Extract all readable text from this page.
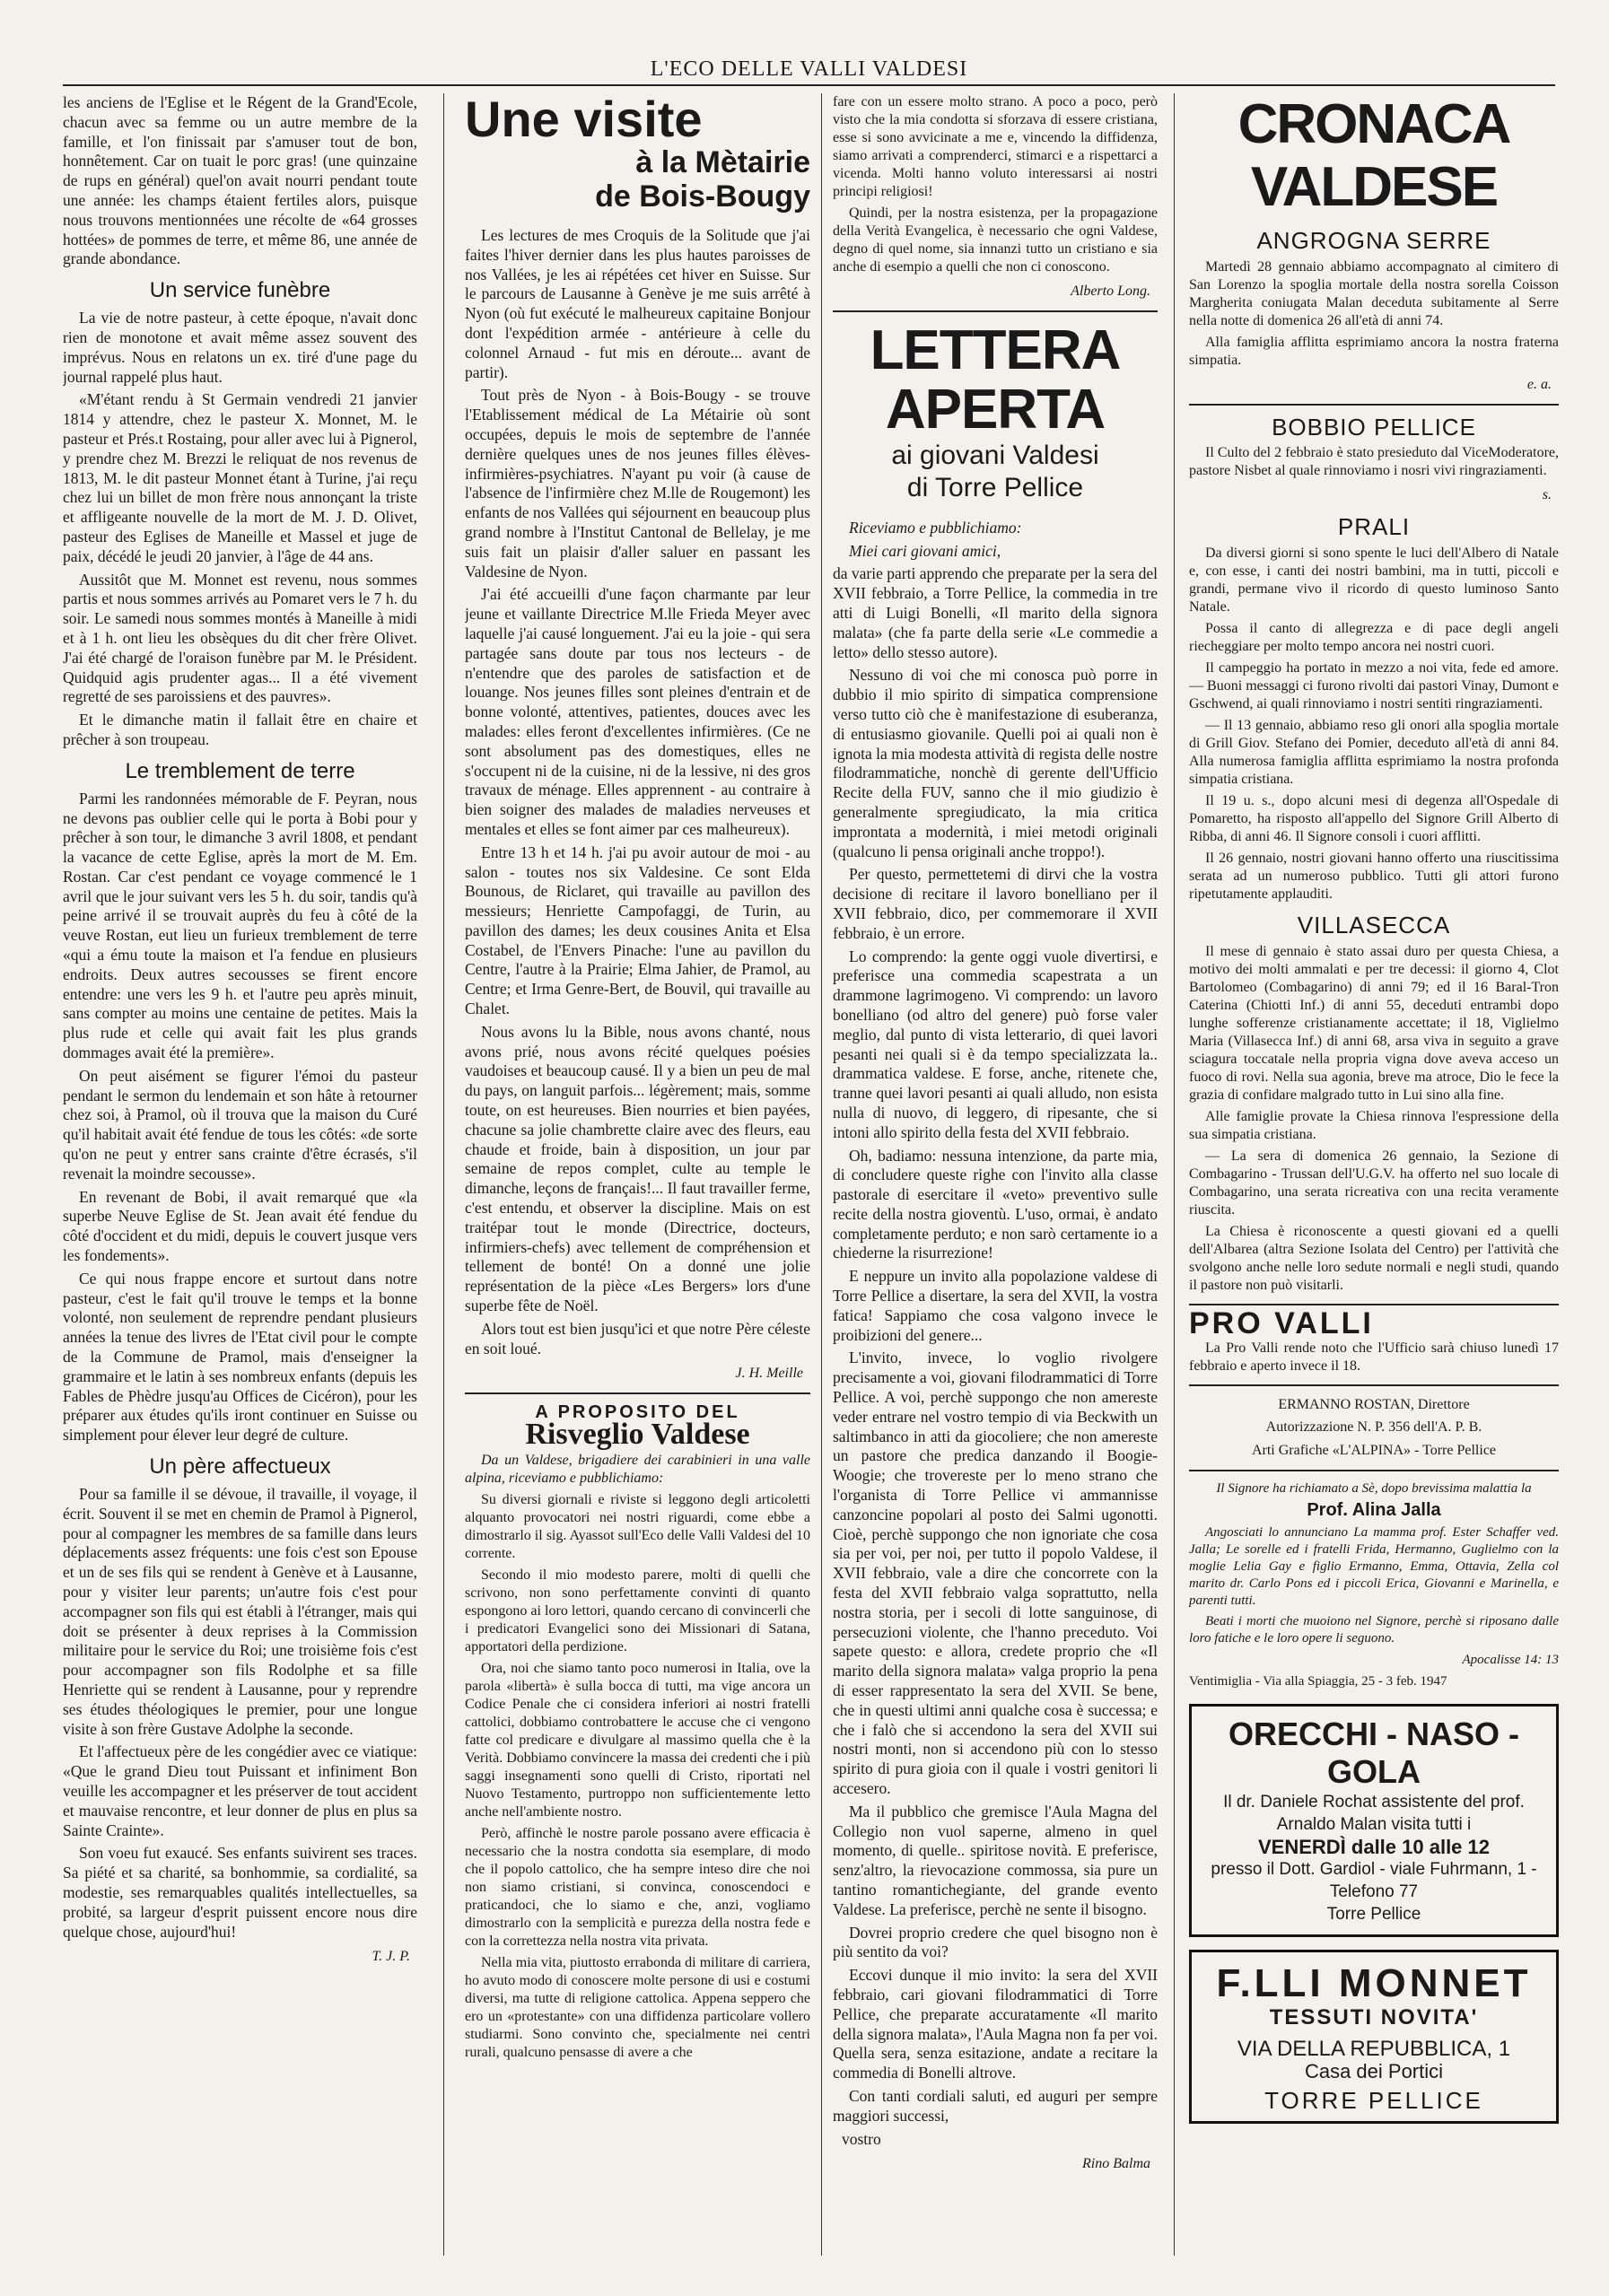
L'ECO DELLE VALLI VALDESI

les anciens de l'Eglise et le Régent de la Grand'Ecole, chacun avec sa femme ou un autre membre de la famille, et l'on finissait par s'amuser tout de bon, honnêtement. Car on tuait le porc gras! (une quinzaine de rups en général) quel'on avait nourri pendant toute une année: les champs étaient fertiles alors, puisque nous trouvons mentionnées une récolte de «64 grosses hottées» de pommes de terre, et même 86, une année de grande abondance.

Un service funèbre

La vie de notre pasteur, à cette époque, n'avait donc rien de monotone et avait même assez souvent des imprévus. Nous en relatons un ex. tiré d'une page du journal rappelé plus haut.

«M'étant rendu à St Germain vendredi 21 janvier 1814 y attendre, chez le pasteur X. Monnet, M. le pasteur et Prés.t Rostaing, pour aller avec lui à Pignerol, y prendre chez M. Brezzi le reliquat de nos revenus de 1813, M. le dit pasteur Monnet étant à Turine, j'ai reçu chez lui un billet de mon frère nous annonçant la triste et affligeante nouvelle de la mort de M. J. D. Olivet, pasteur des Eglises de Maneille et Massel et juge de paix, décédé le jeudi 20 janvier, à l'âge de 44 ans.

Aussitôt que M. Monnet est revenu, nous sommes partis et nous sommes arrivés au Pomaret vers le 7 h. du soir. Le samedi nous sommes montés à Maneille à midi et à 1 h. ont lieu les obsèques du dit cher frère Olivet. J'ai été chargé de l'oraison funèbre par M. le Président. Quidquid agis prudenter agas... Il a été vivement regretté de ses paroissiens et des pauvres».

Et le dimanche matin il fallait être en chaire et prêcher à son troupeau.

Le tremblement de terre

Parmi les randonnées mémorable de F. Peyran, nous ne devons pas oublier celle qui le porta à Bobi pour y prêcher à son tour, le dimanche 3 avril 1808, et pendant la vacance de cette Eglise, après la mort de M. Em. Rostan. Car c'est pendant ce voyage commencé le 1 avril que le jour suivant vers les 5 h. du soir, tandis qu'à peine arrivé il se trouvait auprès du feu à côté de la veuve Rostan, eut lieu un furieux tremblement de terre «qui a ému toute la maison et l'a fendue en plusieurs endroits. Deux autres secousses se firent encore entendre: une vers les 9 h. et l'autre peu après minuit, sans compter au moins une centaine de petites. Mais la plus rude et celle qui avait fait les plus grands dommages avait été la première».

On peut aisément se figurer l'émoi du pasteur pendant le sermon du lendemain et son hâte à retourner chez soi, à Pramol, où il trouva que la maison du Curé qu'il habitait avait été fendue de tous les côtés: «de sorte qu'on ne peut y entrer sans crainte d'être écrasés, s'il revenait la moindre secousse».

En revenant de Bobi, il avait remarqué que «la superbe Neuve Eglise de St. Jean avait été fendue du côté d'occident et du midi, depuis le couvert jusque vers les fondements».

Ce qui nous frappe encore et surtout dans notre pasteur, c'est le fait qu'il trouve le temps et la bonne volonté, non seulement de reprendre pendant plusieurs années la tenue des livres de l'Etat civil pour le compte de la Commune de Pramol, mais d'enseigner la grammaire et le latin à ses nombreux enfants (depuis les Fables de Phèdre jusqu'au Offices de Cicéron), pour les préparer aux études qu'ils iront continuer en Suisse ou simplement pour élever leur degré de culture.

Un père affectueux

Pour sa famille il se dévoue, il travaille, il voyage, il écrit. Souvent il se met en chemin de Pramol à Pignerol, pour al compagner les membres de sa famille dans leurs déplacements assez fréquents: une fois c'est son Epouse et un de ses fils qui se rendent à Genève et à Lausanne, pour y visiter leur parents; un'autre fois c'est pour accompagner son fils qui est établi à l'étranger, mais qui doit se présenter à deux reprises à la Commission militaire pour le service du Roi; une troisième fois c'est pour accompagner son fils Rodolphe et sa fille Henriette qui se rendent à Lausanne, pour y reprendre ses études théologiques le premier, pour une longue visite à son frère Gustave Adolphe la seconde.

Et l'affectueux père de les congédier avec ce viatique: «Que le grand Dieu tout Puissant et infiniment Bon veuille les accompagner et les préserver de tout accident et mauvaise rencontre, et leur donner de plus en plus sa Sainte Crainte».

Son voeu fut exaucé. Ses enfants suivirent ses traces. Sa piété et sa charité, sa bonhommie, sa cordialité, sa modestie, ses remarquables qualités intellectuelles, sa probité, sa largeur d'esprit puissent encore nous dire quelque chose, aujourd'hui!

T. J. P.

Une visite

à la Mètairie

de Bois-Bougy

Les lectures de mes Croquis de la Solitude que j'ai faites l'hiver dernier dans les plus hautes paroisses de nos Vallées, je les ai répétées cet hiver en Suisse. Sur le parcours de Lausanne à Genève je me suis arrêté à Nyon (où fut exécuté le malheureux capitaine Bonjour dont l'expédition armée - antérieure à celle du colonnel Arnaud - fut mis en déroute... avant de partir).

Tout près de Nyon - à Bois-Bougy - se trouve l'Etablissement médical de La Métairie où sont occupées, depuis le mois de septembre de l'année dernière quelques unes de nos jeunes filles élèves-infirmières-psychiatres. N'ayant pu voir (à cause de l'absence de l'infirmière chez M.lle de Rougemont) les enfants de nos Vallées qui séjournent en beaucoup plus grand nombre à l'Institut Cantonal de Bellelay, je me suis fait un plaisir d'aller saluer en passant les Valdesine de Nyon.

J'ai été accueilli d'une façon charmante par leur jeune et vaillante Directrice M.lle Frieda Meyer avec laquelle j'ai causé longuement. J'ai eu la joie - qui sera partagée sans doute par tous nos lecteurs - de n'entendre que des paroles de satisfaction et de louange. Nos jeunes filles sont pleines d'entrain et de bonne volonté, attentives, patientes, douces avec les malades: elles feront d'excellentes infirmières. (Ce ne sont absolument pas des domestiques, elles ne s'occupent ni de la cuisine, ni de la lessive, ni des gros travaux de ménage. Elles apprennent - au contraire à bien soigner des malades de maladies nerveuses et mentales et elles se font aimer par ces malheureux).

Entre 13 h et 14 h. j'ai pu avoir autour de moi - au salon - toutes nos six Valdesine. Ce sont Elda Bounous, de Riclaret, qui travaille au pavillon des messieurs; Henriette Campofaggi, de Turin, au pavillon des dames; les deux cousines Anita et Elsa Costabel, de l'Envers Pinache: l'une au pavillon du Centre, l'autre à la Prairie; Elma Jahier, de Pramol, au Centre; et Irma Genre-Bert, de Bouvil, qui travaille au Chalet.

Nous avons lu la Bible, nous avons chanté, nous avons prié, nous avons récité quelques poésies vaudoises et beaucoup causé. Il y a bien un peu de mal du pays, on languit parfois... légèrement; mais, somme toute, on est heureuses. Bien nourries et bien payées, chacune sa jolie chambrette claire avec des fleurs, eau chaude et froide, bain à disposition, un jour par semaine de repos complet, culte au temple le dimanche, leçons de français!... Il faut travailler ferme, c'est entendu, et observer la discipline. Mais on est traitépar tout le monde (Directrice, docteurs, infirmiers-chefs) avec tellement de compréhension et tellement de bonté! On a donné une jolie représentation de la pièce «Les Bergers» lors d'une superbe fête de Noël.

Alors tout est bien jusqu'ici et que notre Père céleste en soit loué.

J. H. Meille

A PROPOSITO DEL

Risveglio Valdese

Da un Valdese, brigadiere dei carabinieri in una valle alpina, riceviamo e pubblichiamo:

Su diversi giornali e riviste si leggono degli articoletti alquanto provocatori nei nostri riguardi, come ebbe a dimostrarlo il sig. Ayassot sull'Eco delle Valli Valdesi del 10 corrente.

Secondo il mio modesto parere, molti di quelli che scrivono, non sono perfettamente convinti di quanto espongono ai loro lettori, quando cercano di convincerli che i predicatori Evangelici sono dei Missionari di Satana, apportatori della perdizione.

Ora, noi che siamo tanto poco numerosi in Italia, ove la parola «libertà» è sulla bocca di tutti, ma vige ancora un Codice Penale che ci considera inferiori ai nostri fratelli cattolici, dobbiamo controbattere le accuse che ci vengono fatte col predicare e divulgare al massimo quella che è la Verità. Dobbiamo convincere la massa dei credenti che i più saggi insegnamenti sono quelli di Cristo, riportati nel Nuovo Testamento, purtroppo non sufficientemente letto anche nell'ambiente nostro.

Però, affinchè le nostre parole possano avere efficacia è necessario che la nostra condotta sia esemplare, di modo che il popolo cattolico, che ha sempre inteso dire che noi non siamo cristiani, si convinca, conoscendoci e praticandoci, che lo siamo e che, anzi, vogliamo dimostrarlo con la semplicità e purezza della nostra fede e con la correttezza nella nostra vita privata.

Nella mia vita, piuttosto errabonda di militare di carriera, ho avuto modo di conoscere molte persone di usi e costumi diversi, ma tutte di religione cattolica. Appena seppero che ero un «protestante» con una diffidenza particolare vollero studiarmi. Sono convinto che, specialmente nei centri rurali, qualcuno pensasse di avere a che

fare con un essere molto strano. A poco a poco, però visto che la mia condotta si sforzava di essere cristiana, esse si sono avvicinate a me e, vincendo la diffidenza, siamo arrivati a comprenderci, stimarci e a rispettarci a vicenda. Molti hanno voluto interessarsi ai nostri principi religiosi!

Quindi, per la nostra esistenza, per la propagazione della Verità Evangelica, è necessario che ogni Valdese, degno di quel nome, sia innanzi tutto un cristiano e sia anche di esempio a quelli che non ci conoscono.

Alberto Long.

LETTERA APERTA

ai giovani Valdesi

di Torre Pellice

Riceviamo e pubblichiamo:

Miei cari giovani amici,

da varie parti apprendo che preparate per la sera del XVII febbraio, a Torre Pellice, la commedia in tre atti di Luigi Bonelli, «Il marito della signora malata» (che fa parte della serie «Le commedie a letto» dello stesso autore).

Nessuno di voi che mi conosca può porre in dubbio il mio spirito di simpatica comprensione verso tutto ciò che è manifestazione di esuberanza, di entusiasmo giovanile. Quelli poi ai quali non è ignota la mia modesta attività di regista delle nostre filodrammatiche, nonchè di gerente dell'Ufficio Recite della FUV, sanno che il mio giudizio è generalmente spregiudicato, la mia critica improntata a modernità, i miei metodi originali (qualcuno li pensa originali anche troppo!).

Per questo, permettetemi di dirvi che la vostra decisione di recitare il lavoro bonelliano per il XVII febbraio, dico, per commemorare il XVII febbraio, è un errore.

Lo comprendo: la gente oggi vuole divertirsi, e preferisce una commedia scapestrata a un drammone lagrimogeno. Vi comprendo: un lavoro bonelliano (od altro del genere) può forse valer meglio, dal punto di vista letterario, di quei lavori pesanti nei quali si è da tempo specializzata la.. drammatica valdese. E forse, anche, ritenete che, tranne quei lavori pesanti ai quali alludo, non esista nulla di nuovo, di leggero, di ripesante, che si intoni allo spirito della festa del XVII febbraio.

Oh, badiamo: nessuna intenzione, da parte mia, di concludere queste righe con l'invito alla classe pastorale di esercitare il «veto» preventivo sulle recite della nostra gioventù. L'uso, ormai, è andato completamente perduto; e non sarò certamente io a chiederne la risurrezione!

E neppure un invito alla popolazione valdese di Torre Pellice a disertare, la sera del XVII, la vostra fatica! Sappiamo che cosa valgono invece le proibizioni del genere...

L'invito, invece, lo voglio rivolgere precisamente a voi, giovani filodrammatici di Torre Pellice. A voi, perchè suppongo che non amereste veder entrare nel vostro tempio di via Beckwith un saltimbanco in atti da giocoliere; che non amereste un pastore che predica danzando il Boogie-Woogie; che trovereste per lo meno strano che l'organista di Torre Pellice vi ammannisse canzoncine popolari al posto dei Salmi ugonotti. Cioè, perchè suppongo che non ignoriate che cosa sia per voi, per noi, per tutto il popolo Valdese, il XVII febbraio, vale a dire che concorrete con la festa del XVII febbraio valga soprattutto, nella nostra storia, per i secoli di lotte sanguinose, di persecuzioni violente, che l'hanno preceduto. Voi sapete questo: e allora, credete proprio che «Il marito della signora malata» valga proprio la pena di esser rappresentato la sera del XVII. Se bene, che in questi ultimi anni qualche cosa è successa; e che i falò che si accendono la sera del XVII sui nostri monti, non si accendono più con lo stesso spirito di pura gioia con il quale i vostri genitori li accesero.

Ma il pubblico che gremisce l'Aula Magna del Collegio non vuol saperne, almeno in quel momento, di quelle.. spiritose novità. E preferisce, senz'altro, la rievocazione commossa, sia pure un tantino romantichegiante, del grande evento Valdese. La preferisce, perchè ne sente il bisogno.

Dovrei proprio credere che quel bisogno non è più sentito da voi?

Eccovi dunque il mio invito: la sera del XVII febbraio, cari giovani filodrammatici di Torre Pellice, che preparate accuratamente «Il marito della signora malata», l'Aula Magna non fa per voi. Quella sera, senza esitazione, andate a recitare la commedia di Bonelli altrove.

Con tanti cordiali saluti, ed auguri per sempre maggiori successi,

vostro

Rino Balma

CRONACA VALDESE

ANGROGNA SERRE

Martedì 28 gennaio abbiamo accompagnato al cimitero di San Lorenzo la spoglia mortale della nostra sorella Coisson Margherita coniugata Malan deceduta subitamente al Serre nella notte di domenica 26 all'età di anni 74.

Alla famiglia afflitta esprimiamo ancora la nostra fraterna simpatia.

e. a.

BOBBIO PELLICE

Il Culto del 2 febbraio è stato presieduto dal ViceModeratore, pastore Nisbet al quale rinnoviamo i nosri vivi ringraziamenti.

s.

PRALI

Da diversi giorni si sono spente le luci dell'Albero di Natale e, con esse, i canti dei nostri bambini, ma in tutti, piccoli e grandi, permane vivo il ricordo di questo luminoso Santo Natale.

Possa il canto di allegrezza e di pace degli angeli riecheggiare per molto tempo ancora nei nostri cuori.

Il campeggio ha portato in mezzo a noi vita, fede ed amore. — Buoni messaggi ci furono rivolti dai pastori Vinay, Dumont e Gschwend, ai quali rinnoviamo i nostri sentiti ringraziamenti.

— Il 13 gennaio, abbiamo reso gli onori alla spoglia mortale di Grill Giov. Stefano dei Pomier, deceduto all'età di anni 84. Alla numerosa famiglia afflitta esprimiamo la nostra profonda simpatia cristiana.

Il 19 u. s., dopo alcuni mesi di degenza all'Ospedale di Pomaretto, ha risposto all'appello del Signore Grill Alberto di Ribba, di anni 46. Il Signore consoli i cuori afflitti.

Il 26 gennaio, nostri giovani hanno offerto una riuscitissima serata ad un numeroso pubblico. Tutti gli attori furono ripetutamente applauditi.

VILLASECCA

Il mese di gennaio è stato assai duro per questa Chiesa, a motivo dei molti ammalati e per tre decessi: il giorno 4, Clot Bartolomeo (Combagarino) di anni 79; ed il 16 Baral-Tron Caterina (Chiotti Inf.) di anni 55, deceduti entrambi dopo lunghe sofferenze cristianamente accettate; il 18, Viglielmo Maria (Villasecca Inf.) di anni 68, arsa viva in seguito a grave sciagura toccatale nella propria vigna dove aveva acceso un fuoco di rovi. Nella sua agonia, breve ma atroce, Dio le fece la grazia di confidare malgrado tutto in Lui sino alla fine.

Alle famiglie provate la Chiesa rinnova l'espressione della sua simpatia cristiana.

— La sera di domenica 26 gennaio, la Sezione di Combagarino - Trussan dell'U.G.V. ha offerto nel suo locale di Combagarino, una serata ricreativa con una recita veramente riuscita.

La Chiesa è riconoscente a questi giovani ed a quelli dell'Albarea (altra Sezione Isolata del Centro) per l'attività che svolgono anche nelle loro sedute normali e negli studi, quando il pastore non può visitarli.

PRO VALLI

La Pro Valli rende noto che l'Ufficio sarà chiuso lunedì 17 febbraio e aperto invece il 18.

ERMANNO ROSTAN, Direttore

Autorizzazione N. P. 356 dell'A. P. B.

Arti Grafiche «L'ALPINA» - Torre Pellice

Il Signore ha richiamato a Sè, dopo brevissima malattia la

Prof. Alina Jalla

Angosciati lo annunciano La mamma prof. Ester Schaffer ved. Jalla; Le sorelle ed i fratelli Frida, Hermanno, Guglielmo con la moglie Lelia Gay e figlio Ermanno, Emma, Ottavia, Zella col marito dr. Carlo Pons ed i piccoli Erica, Giovanni e Marinella, e parenti tutti.

Beati i morti che muoiono nel Signore, perchè si riposano dalle loro fatiche e le loro opere li seguono.

Apocalisse 14: 13

Ventimiglia - Via alla Spiaggia, 25 - 3 feb. 1947

ORECCHI - NASO - GOLA
Il dr. Daniele Rochat assistente del prof. Arnaldo Malan visita tutti i
VENERDÌ dalle 10 alle 12
presso il Dott. Gardiol - viale Fuhrmann, 1 - Telefono 77
Torre Pellice
F.LLI MONNET
TESSUTI NOVITA'
VIA DELLA REPUBBLICA, 1
Casa dei Portici
TORRE PELLICE
